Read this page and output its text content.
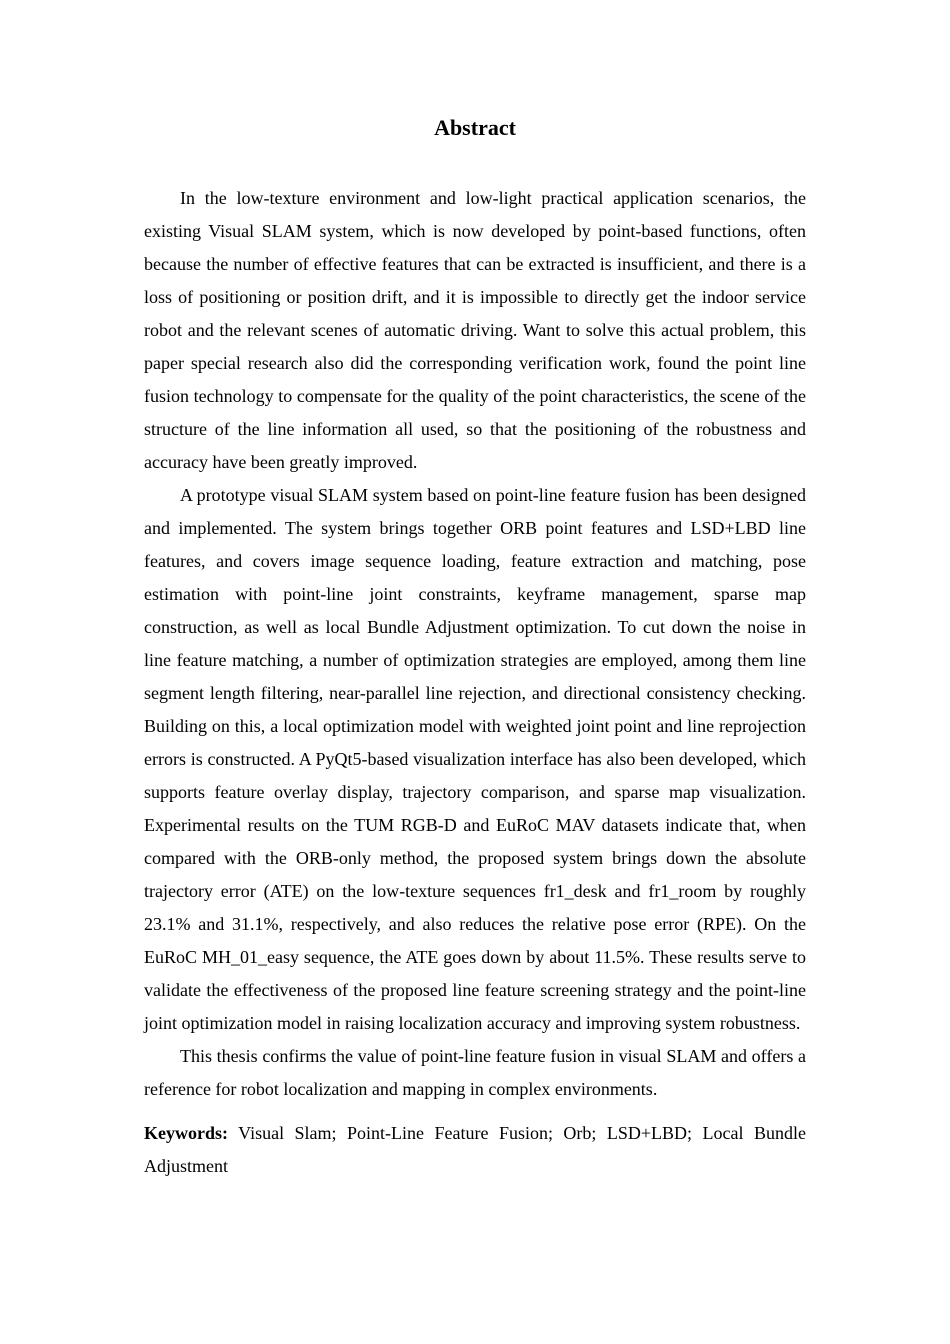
Abstract

In the low-texture environment and low-light practical application scenarios, the existing Visual SLAM system, which is now developed by point-based functions, often because the number of effective features that can be extracted is insufficient, and there is a loss of positioning or position drift, and it is impossible to directly get the indoor service robot and the relevant scenes of automatic driving. Want to solve this actual problem, this paper special research also did the corresponding verification work, found the point line fusion technology to compensate for the quality of the point characteristics, the scene of the structure of the line information all used, so that the positioning of the robustness and accuracy have been greatly improved.

A prototype visual SLAM system based on point-line feature fusion has been designed and implemented. The system brings together ORB point features and LSD+LBD line features, and covers image sequence loading, feature extraction and matching, pose estimation with point-line joint constraints, keyframe management, sparse map construction, as well as local Bundle Adjustment optimization. To cut down the noise in line feature matching, a number of optimization strategies are employed, among them line segment length filtering, near-parallel line rejection, and directional consistency checking. Building on this, a local optimization model with weighted joint point and line reprojection errors is constructed. A PyQt5-based visualization interface has also been developed, which supports feature overlay display, trajectory comparison, and sparse map visualization. Experimental results on the TUM RGB-D and EuRoC MAV datasets indicate that, when compared with the ORB-only method, the proposed system brings down the absolute trajectory error (ATE) on the low-texture sequences fr1_desk and fr1_room by roughly 23.1% and 31.1%, respectively, and also reduces the relative pose error (RPE). On the EuRoC MH_01_easy sequence, the ATE goes down by about 11.5%. These results serve to validate the effectiveness of the proposed line feature screening strategy and the point-line joint optimization model in raising localization accuracy and improving system robustness.

This thesis confirms the value of point-line feature fusion in visual SLAM and offers a reference for robot localization and mapping in complex environments.

Keywords: Visual Slam; Point-Line Feature Fusion; Orb; LSD+LBD; Local Bundle Adjustment
